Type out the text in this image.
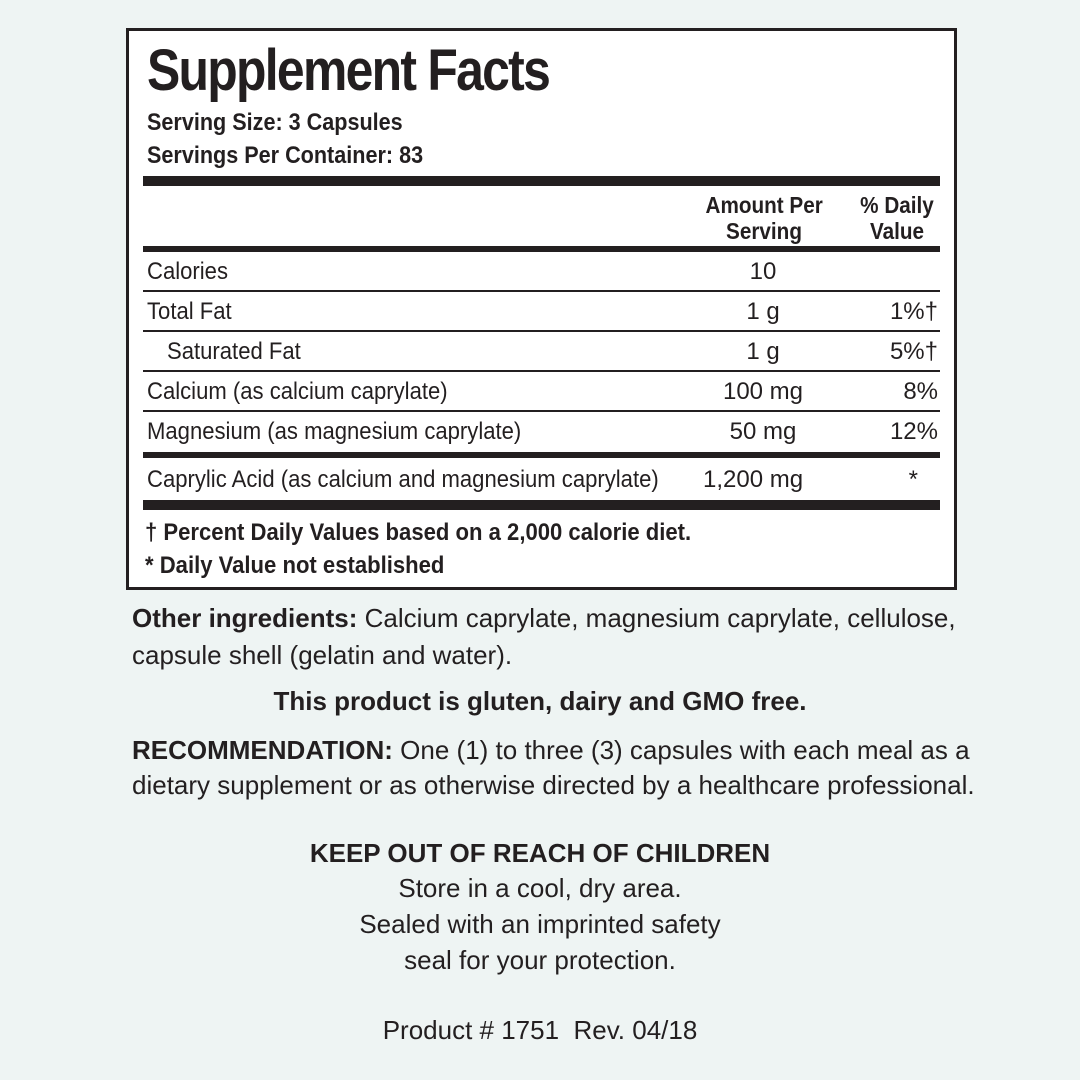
Supplement Facts
Serving Size: 3 Capsules
Servings Per Container: 83
Amount Per
Serving
% Daily
Value
Calories	10
Total Fat	1 g	1%†
Saturated Fat	1 g	5%†
Calcium (as calcium caprylate)	100 mg	8%
Magnesium (as magnesium caprylate)	50 mg	12%
Caprylic Acid (as calcium and magnesium caprylate) 1,200 mg	*
† Percent Daily Values based on a 2,000 calorie diet.
* Daily Value not established
Other ingredients: Calcium caprylate, magnesium caprylate, cellulose,
capsule shell (gelatin and water).
This product is gluten, dairy and GMO free.
RECOMMENDATION: One (1) to three (3) capsules with each meal as a
dietary supplement or as otherwise directed by a healthcare professional.
KEEP OUT OF REACH OF CHILDREN
Store in a cool, dry area.
Sealed with an imprinted safety
seal for your protection.
Product # 1751  Rev. 04/18
